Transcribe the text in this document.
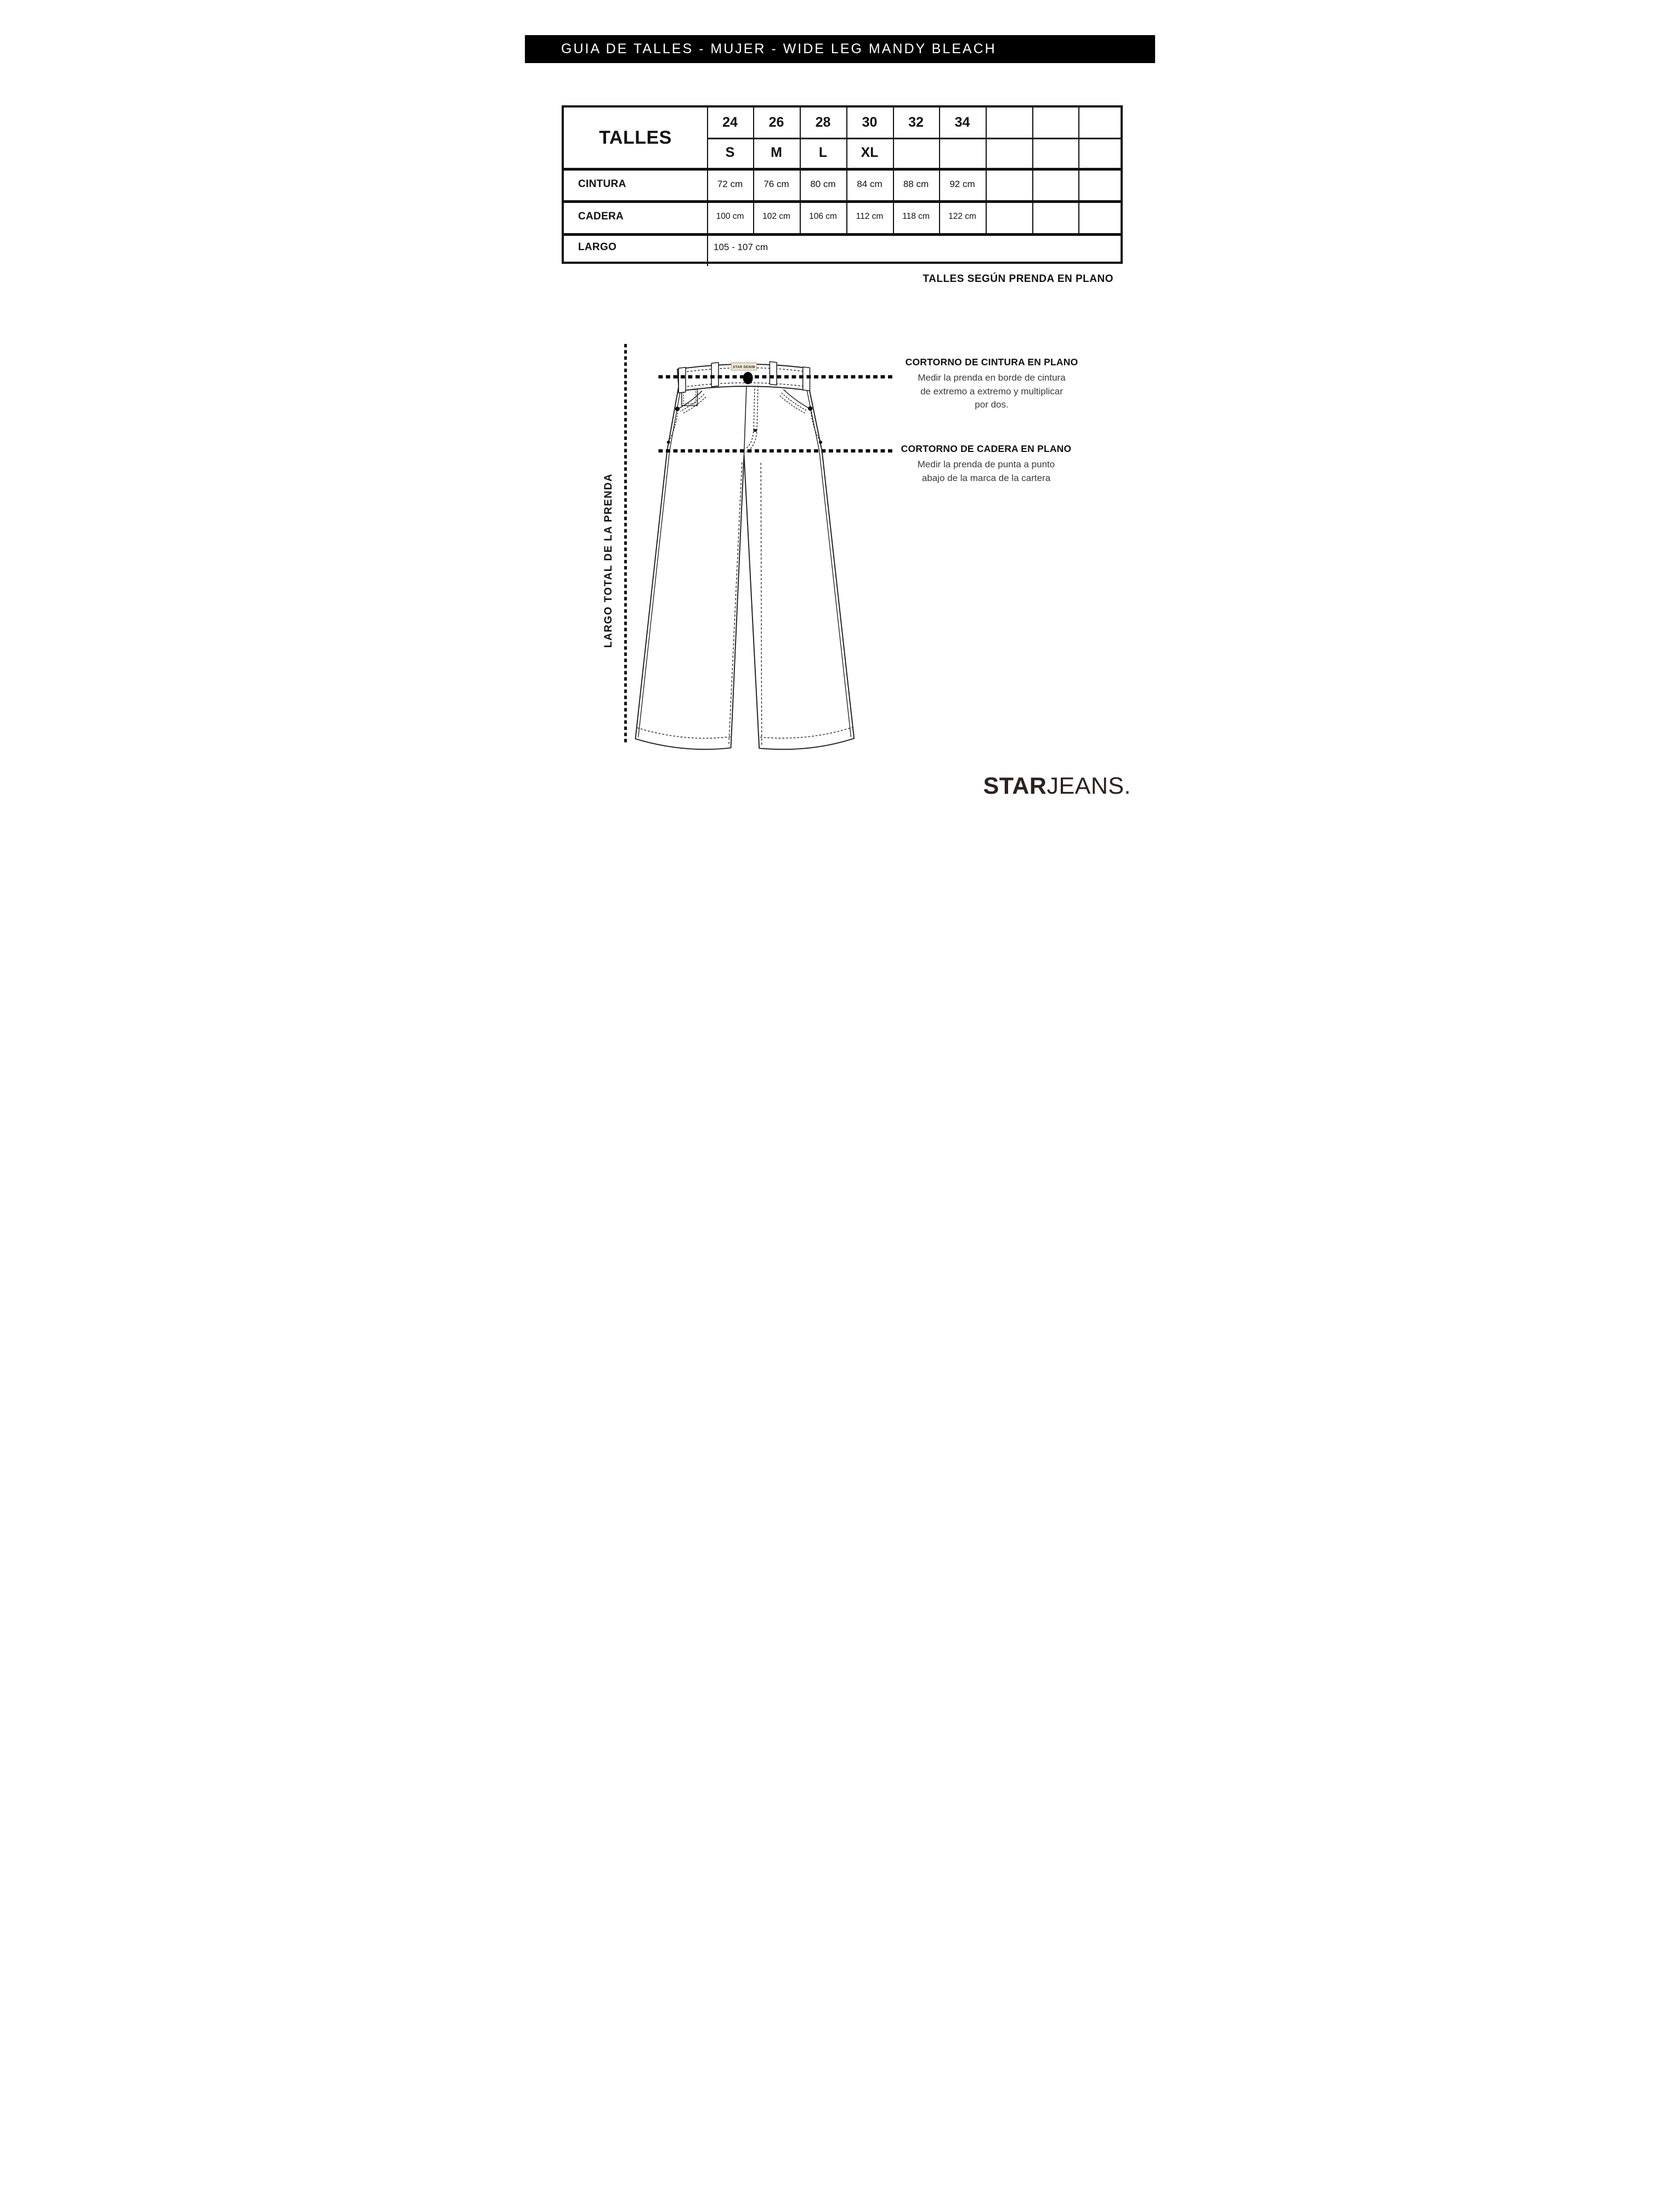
GUIA DE TALLES - MUJER - WIDE LEG MANDY BLEACH
TALLES
24	26	28	30	32	34
S	M	L	XL
CINTURA	72 cm	76 cm	80 cm	84 cm	88 cm	92 cm
CADERA	100 cm	102 cm	106 cm	112 cm	118 cm	122 cm
LARGO	105 - 107 cm
TALLES SEGÚN PRENDA EN PLANO
STAR DENIM
LARGO TOTAL DE LA PRENDA
CORTORNO DE CINTURA EN PLANO
Medir la prenda en borde de cintura
de extremo a extremo y multiplicar
por dos.
CORTORNO DE CADERA EN PLANO
Medir la prenda de punta a punto
abajo de la marca de la cartera
STARJEANS.
